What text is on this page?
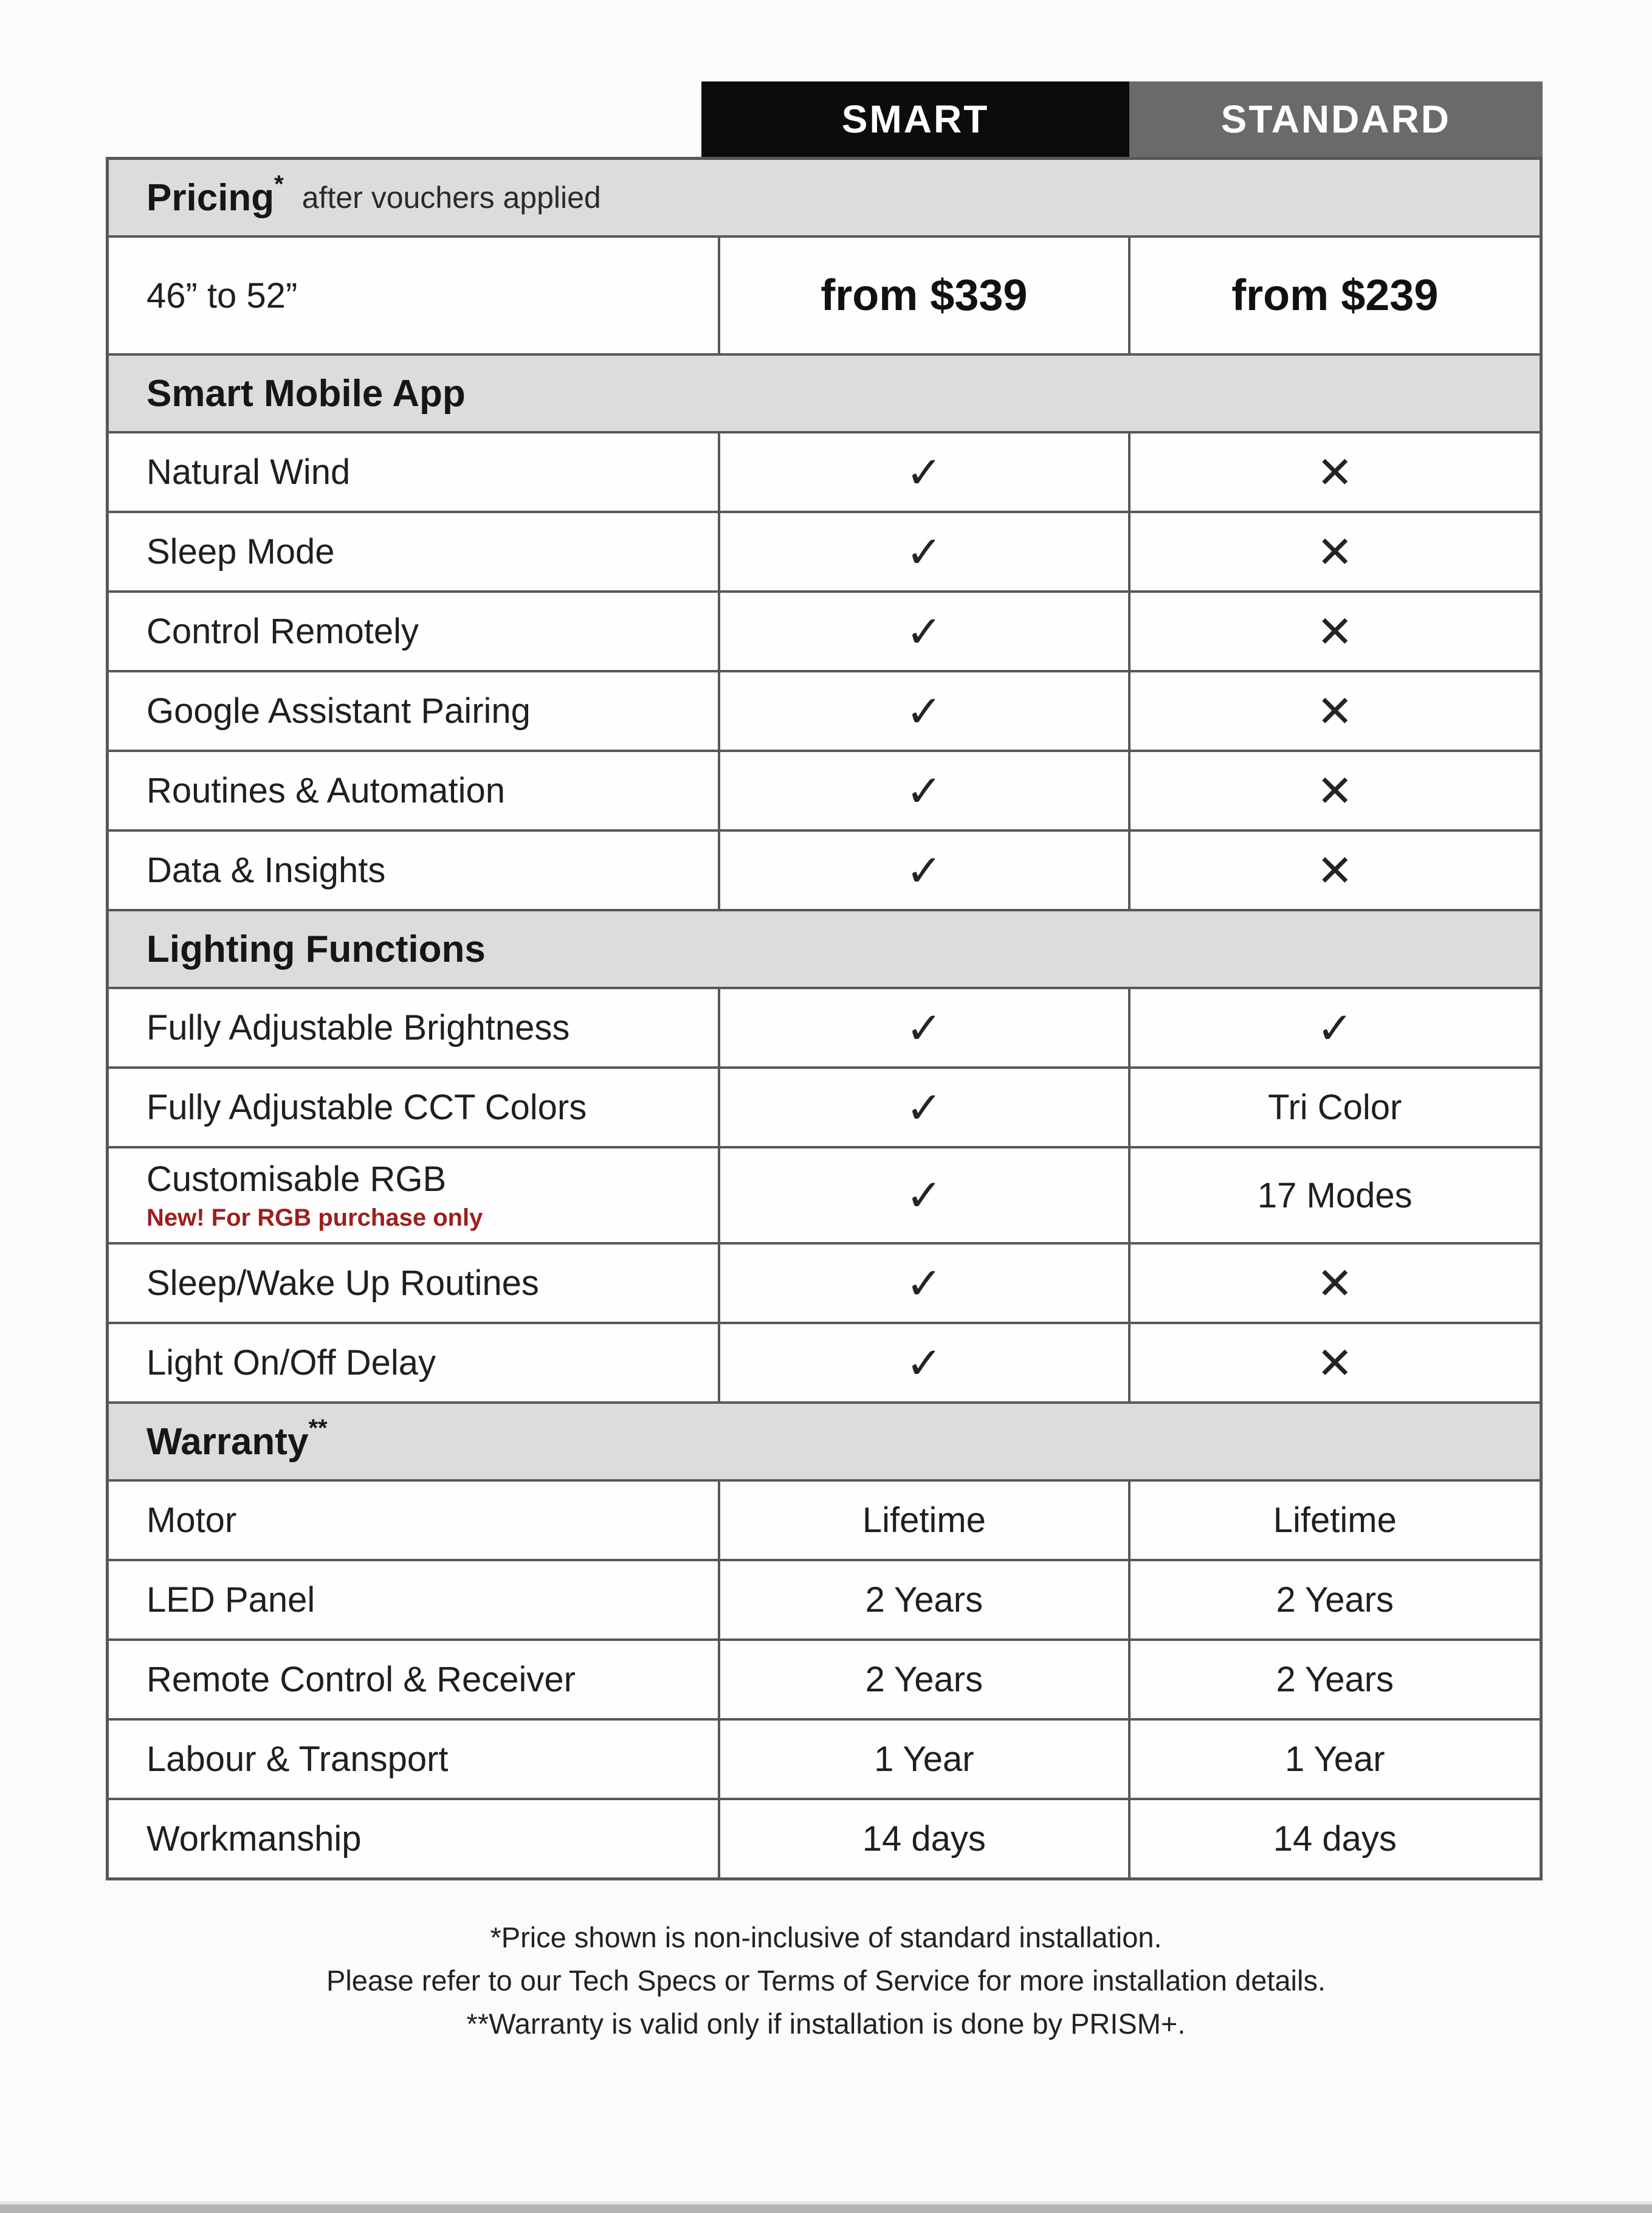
SMART	STANDARD
Pricing * after vouchers applied
46” to 52”	from $339	from $239
Smart Mobile App
Natural Wind	✓	✕
Sleep Mode	✓	✕
Control Remotely	✓	✕
Google Assistant Pairing	✓	✕
Routines & Automation	✓	✕
Data & Insights	✓	✕
Lighting Functions
Fully Adjustable Brightness	✓	✓
Fully Adjustable CCT Colors	✓	Tri Color
Customisable RGB
New! For RGB purchase only	✓	17 Modes
Sleep/Wake Up Routines	✓	✕
Light On/Off Delay	✓	✕
Warranty **
Motor	Lifetime	Lifetime
LED Panel	2 Years	2 Years
Remote Control & Receiver	2 Years	2 Years
Labour & Transport	1 Year	1 Year
Workmanship	14 days	14 days
*Price shown is non-inclusive of standard installation.
Please refer to our Tech Specs or Terms of Service for more installation details.
**Warranty is valid only if installation is done by PRISM+.
